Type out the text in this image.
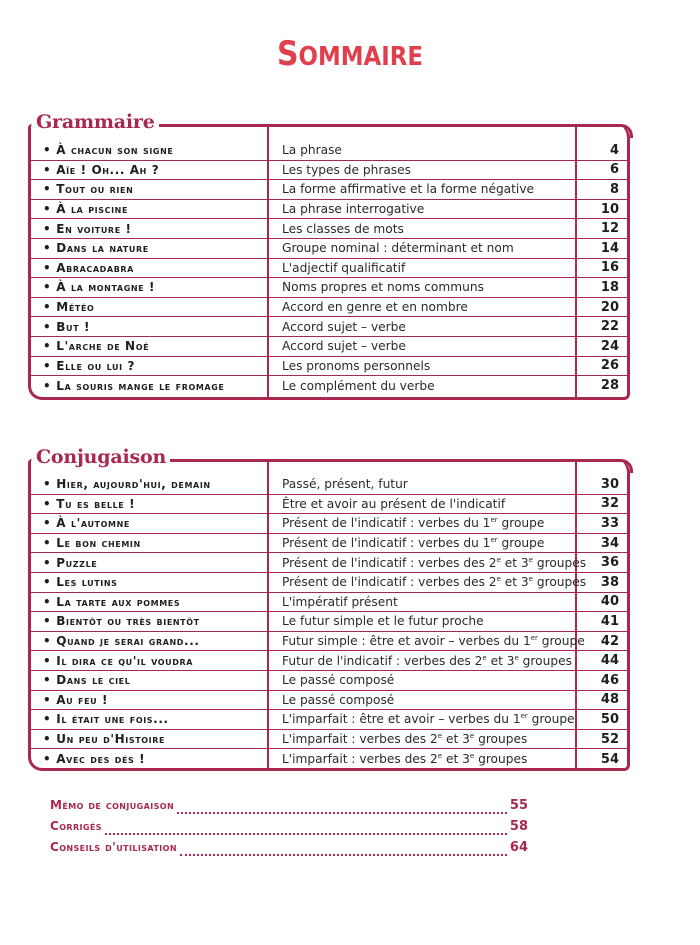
SOMMAIRE
Grammaire
• À chacun son signe	La phrase	4
• Aïe ! Oh... Ah ?	Les types de phrases	6
• Tout ou rien	La forme affirmative et la forme négative	8
• À la piscine	La phrase interrogative	10
• En voiture !	Les classes de mots	12
• Dans la nature	Groupe nominal : déterminant et nom	14
• Abracadabra	L'adjectif qualificatif	16
• À la montagne !	Noms propres et noms communs	18
• Météo	Accord en genre et en nombre	20
• But !	Accord sujet – verbe	22
• L'arche de Noé	Accord sujet – verbe	24
• Elle ou lui ?	Les pronoms personnels	26
• La souris mange le fromage	Le complément du verbe	28
Conjugaison
• Hier, aujourd'hui, demain	Passé, présent, futur	30
• Tu es belle !	Être et avoir au présent de l'indicatif	32
• À l'automne	Présent de l'indicatif : verbes du 1er groupe	33
• Le bon chemin	Présent de l'indicatif : verbes du 1er groupe	34
• Puzzle	Présent de l'indicatif : verbes des 2e et 3e groupes	36
• Les lutins	Présent de l'indicatif : verbes des 2e et 3e groupes	38
• La tarte aux pommes	L'impératif présent	40
• Bientôt ou très bientôt	Le futur simple et le futur proche	41
• Quand je serai grand...	Futur simple : être et avoir – verbes du 1er groupe	42
• Il dira ce qu'il voudra	Futur de l'indicatif : verbes des 2e et 3e groupes	44
• Dans le ciel	Le passé composé	46
• Au feu !	Le passé composé	48
• Il était une fois...	L'imparfait : être et avoir – verbes du 1er groupe	50
• Un peu d'Histoire	L'imparfait : verbes des 2e et 3e groupes	52
• Avec des dés !	L'imparfait : verbes des 2e et 3e groupes	54
Mémo de conjugaison	55
Corrigés	58
Conseils d'utilisation	64
